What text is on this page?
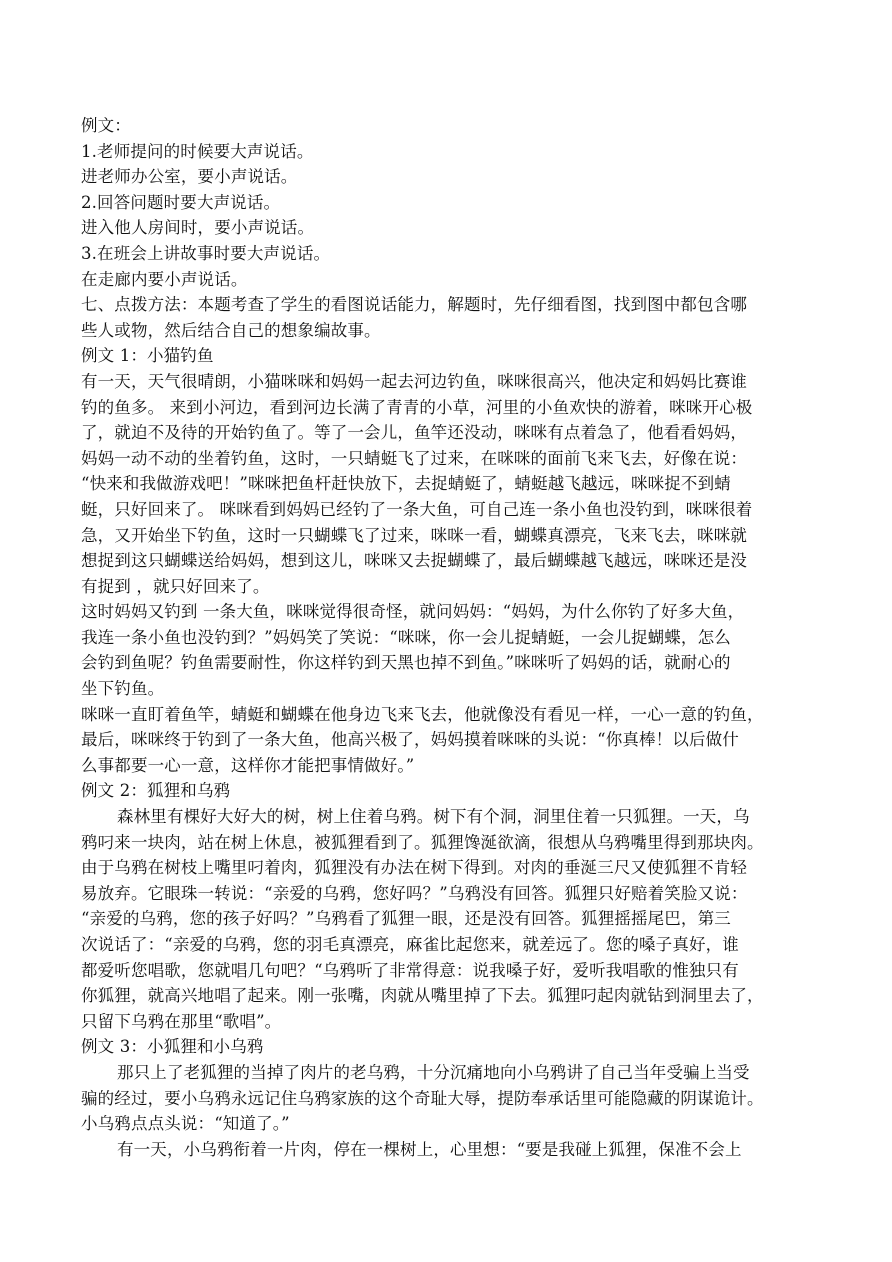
例文：

1.老师提问的时候要大声说话。

进老师办公室，要小声说话。

2.回答问题时要大声说话。

进入他人房间时，要小声说话。

3.在班会上讲故事时要大声说话。

在走廊内要小声说话。

七、点拨方法：本题考查了学生的看图说话能力，解题时，先仔细看图，找到图中都包含哪

些人或物，然后结合自己的想象编故事。

例文 1：小猫钓鱼

有一天，天气很晴朗，小猫咪咪和妈妈一起去河边钓鱼，咪咪很高兴，他决定和妈妈比赛谁

钓的鱼多。 来到小河边，看到河边长满了青青的小草，河里的小鱼欢快的游着，咪咪开心极

了，就迫不及待的开始钓鱼了。等了一会儿，鱼竿还没动，咪咪有点着急了，他看看妈妈，

妈妈一动不动的坐着钓鱼，这时，一只蜻蜓飞了过来，在咪咪的面前飞来飞去，好像在说：

“快来和我做游戏吧！”咪咪把鱼杆赶快放下，去捉蜻蜓了，蜻蜓越飞越远，咪咪捉不到蜻

蜓，只好回来了。 咪咪看到妈妈已经钓了一条大鱼，可自己连一条小鱼也没钓到，咪咪很着

急，又开始坐下钓鱼，这时一只蝴蝶飞了过来，咪咪一看，蝴蝶真漂亮，飞来飞去，咪咪就

想捉到这只蝴蝶送给妈妈，想到这儿，咪咪又去捉蝴蝶了，最后蝴蝶越飞越远，咪咪还是没

有捉到 ，就只好回来了。

这时妈妈又钓到 一条大鱼，咪咪觉得很奇怪，就问妈妈：“妈妈，为什么你钓了好多大鱼，

我连一条小鱼也没钓到？”妈妈笑了笑说：“咪咪，你一会儿捉蜻蜓，一会儿捉蝴蝶，怎么

会钓到鱼呢？钓鱼需要耐性，你这样钓到天黑也掉不到鱼。”咪咪听了妈妈的话，就耐心的

坐下钓鱼。

咪咪一直盯着鱼竿，蜻蜓和蝴蝶在他身边飞来飞去，他就像没有看见一样，一心一意的钓鱼，

最后，咪咪终于钓到了一条大鱼，他高兴极了，妈妈摸着咪咪的头说：“你真棒！以后做什

么事都要一心一意，这样你才能把事情做好。”

例文 2：狐狸和乌鸦

森林里有棵好大好大的树，树上住着乌鸦。树下有个洞，洞里住着一只狐狸。一天，乌

鸦叼来一块肉，站在树上休息，被狐狸看到了。狐狸馋涎欲滴，很想从乌鸦嘴里得到那块肉。

由于乌鸦在树枝上嘴里叼着肉，狐狸没有办法在树下得到。对肉的垂涎三尺又使狐狸不肯轻

易放弃。它眼珠一转说：“亲爱的乌鸦，您好吗？”乌鸦没有回答。狐狸只好赔着笑脸又说：

“亲爱的乌鸦，您的孩子好吗？”乌鸦看了狐狸一眼，还是没有回答。狐狸摇摇尾巴，第三

次说话了：“亲爱的乌鸦，您的羽毛真漂亮，麻雀比起您来，就差远了。您的嗓子真好，谁

都爱听您唱歌，您就唱几句吧？“乌鸦听了非常得意：说我嗓子好，爱听我唱歌的惟独只有

你狐狸，就高兴地唱了起来。刚一张嘴，肉就从嘴里掉了下去。狐狸叼起肉就钻到洞里去了，

只留下乌鸦在那里“歌唱”。

例文 3：小狐狸和小乌鸦

那只上了老狐狸的当掉了肉片的老乌鸦，十分沉痛地向小乌鸦讲了自己当年受骗上当受

骗的经过，要小乌鸦永远记住乌鸦家族的这个奇耻大辱，提防奉承话里可能隐藏的阴谋诡计。

小乌鸦点点头说：“知道了。”

有一天，小乌鸦衔着一片肉，停在一棵树上，心里想：“要是我碰上狐狸，保准不会上
